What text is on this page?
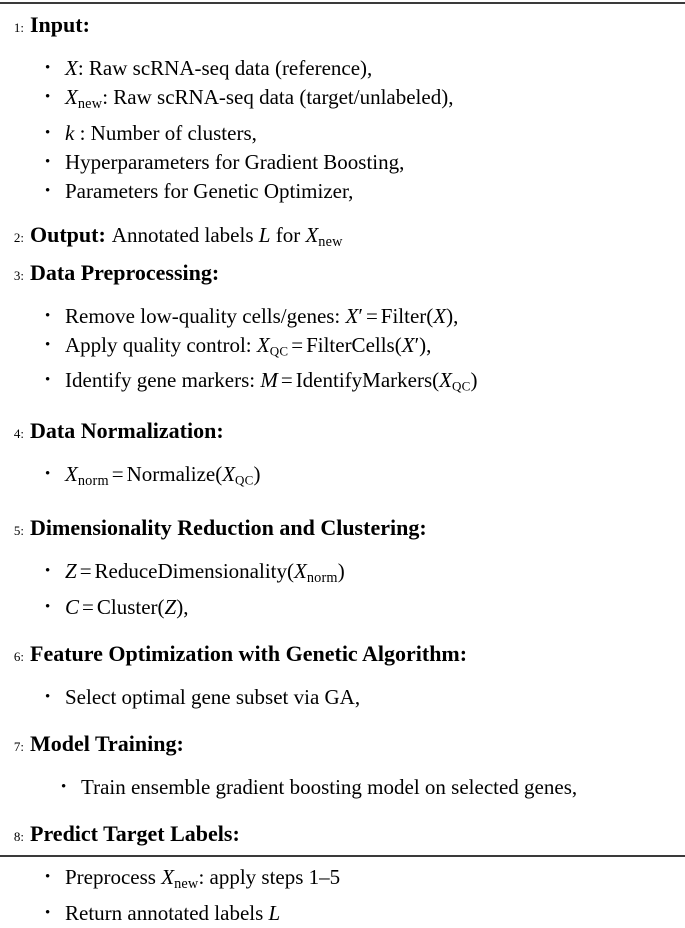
1: Input:
• X: Raw scRNA-seq data (reference),
• $X_{new}$: Raw scRNA-seq data (target/unlabeled),
• k : Number of clusters,
• Hyperparameters for Gradient Boosting,
• Parameters for Genetic Optimizer,
2: Output: Annotated labels L for $X_{new}$
3: Data Preprocessing:
• Remove low-quality cells/genes: X′ = Filter(X),
• Apply quality control: $X_{QC}$ = FilterCells(X′),
• Identify gene markers: $M = IdentifyMarkers(X_{QC})$
4: Data Normalization:
• $X_{norm}$ = $Normalize(X_{QC})$
5: Dimensionality Reduction and Clustering:
• $Z = ReduceDimensionality(X_{norm})$
• C = Cluster(Z),
6: Feature Optimization with Genetic Algorithm:
• Select optimal gene subset via GA,
7: Model Training:
• Train ensemble gradient boosting model on selected genes,
8: Predict Target Labels:
• Preprocess $X_{new}$: apply steps 1–5
• Return annotated labels L
